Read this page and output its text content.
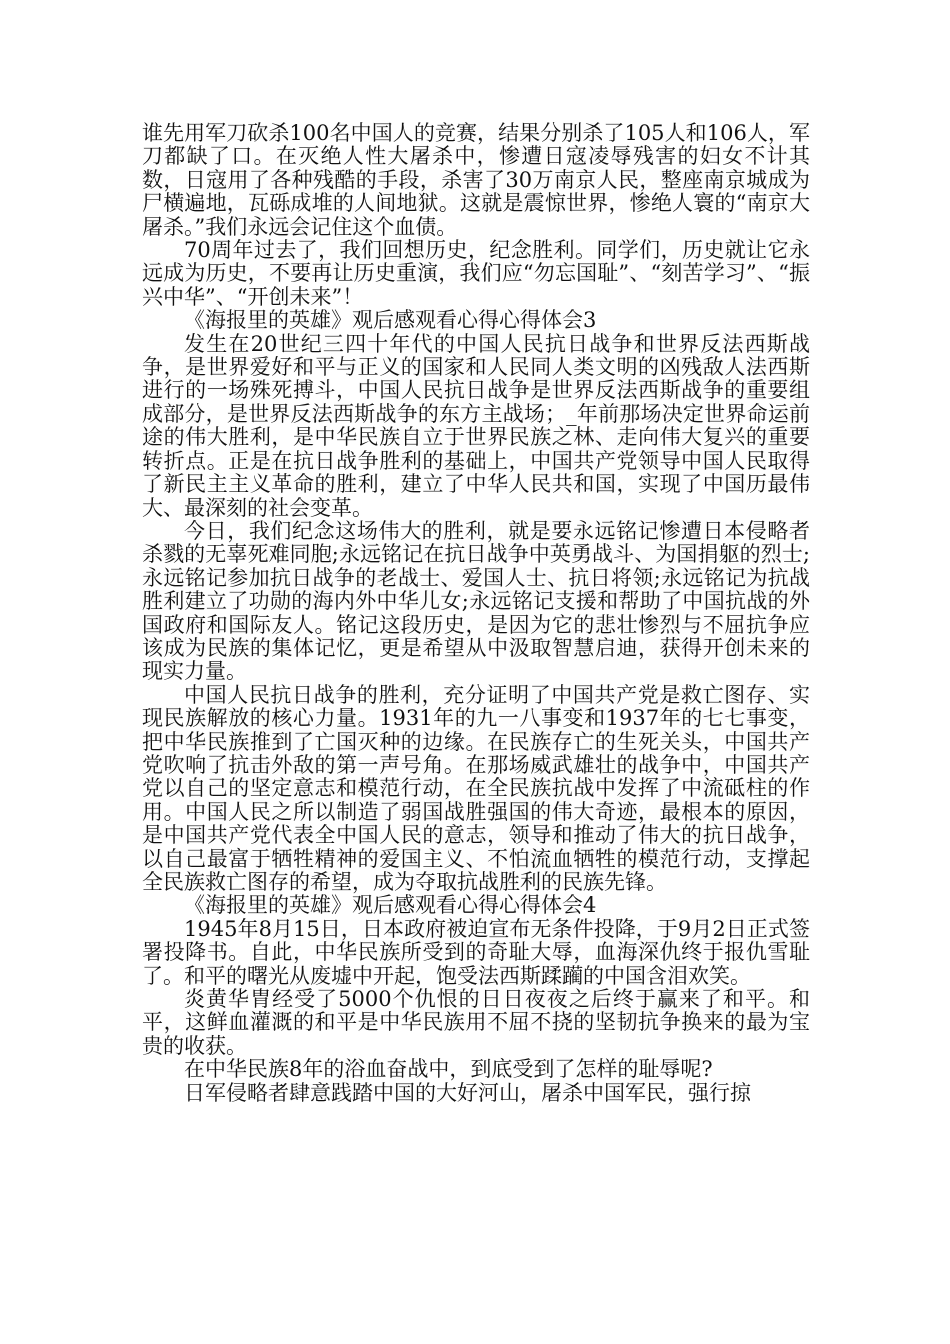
谁先用军刀砍杀100名中国人的竞赛，结果分别杀了105人和106人，军刀都缺了口。在灭绝人性大屠杀中，惨遭日寇凌辱残害的妇女不计其数，日寇用了各种残酷的手段，杀害了30万南京人民，整座南京城成为尸横遍地，瓦砾成堆的人间地狱。这就是震惊世界，惨绝人寰的“南京大屠杀。”我们永远会记住这个血债。

70周年过去了，我们回想历史，纪念胜利。同学们，历史就让它永远成为历史，不要再让历史重演，我们应“勿忘国耻”、“刻苦学习”、“振兴中华”、“开创未来”！

《海报里的英雄》观后感观看心得心得体会3

发生在20世纪三四十年代的中国人民抗日战争和世界反法西斯战争，是世界爱好和平与正义的国家和人民同人类文明的凶残敌人法西斯进行的一场殊死搏斗，中国人民抗日战争是世界反法西斯战争的重要组成部分，是世界反法西斯战争的东方主战场；_年前那场决定世界命运前途的伟大胜利，是中华民族自立于世界民族之林、走向伟大复兴的重要转折点。正是在抗日战争胜利的基础上，中国共产党领导中国人民取得了新民主主义革命的胜利，建立了中华人民共和国，实现了中国历最伟大、最深刻的社会变革。

今日，我们纪念这场伟大的胜利，就是要永远铭记惨遭日本侵略者杀戮的无辜死难同胞;永远铭记在抗日战争中英勇战斗、为国捐躯的烈士;永远铭记参加抗日战争的老战士、爱国人士、抗日将领;永远铭记为抗战胜利建立了功勋的海内外中华儿女;永远铭记支援和帮助了中国抗战的外国政府和国际友人。铭记这段历史，是因为它的悲壮惨烈与不屈抗争应该成为民族的集体记忆，更是希望从中汲取智慧启迪，获得开创未来的现实力量。

中国人民抗日战争的胜利，充分证明了中国共产党是救亡图存、实现民族解放的核心力量。1931年的九一八事变和1937年的七七事变，把中华民族推到了亡国灭种的边缘。在民族存亡的生死关头，中国共产党吹响了抗击外敌的第一声号角。在那场威武雄壮的战争中，中国共产党以自己的坚定意志和模范行动，在全民族抗战中发挥了中流砥柱的作用。中国人民之所以制造了弱国战胜强国的伟大奇迹，最根本的原因，是中国共产党代表全中国人民的意志，领导和推动了伟大的抗日战争，以自己最富于牺牲精神的爱国主义、不怕流血牺牲的模范行动，支撑起全民族救亡图存的希望，成为夺取抗战胜利的民族先锋。

《海报里的英雄》观后感观看心得心得体会4

1945年8月15日，日本政府被迫宣布无条件投降，于9月2日正式签署投降书。自此，中华民族所受到的奇耻大辱，血海深仇终于报仇雪耻了。和平的曙光从废墟中开起，饱受法西斯蹂躏的中国含泪欢笑。

炎黄华胄经受了5000个仇恨的日日夜夜之后终于赢来了和平。和平，这鲜血灌溉的和平是中华民族用不屈不挠的坚韧抗争换来的最为宝贵的收获。

在中华民族8年的浴血奋战中，到底受到了怎样的耻辱呢?

日军侵略者肆意践踏中国的大好河山，屠杀中国军民，强行掠
